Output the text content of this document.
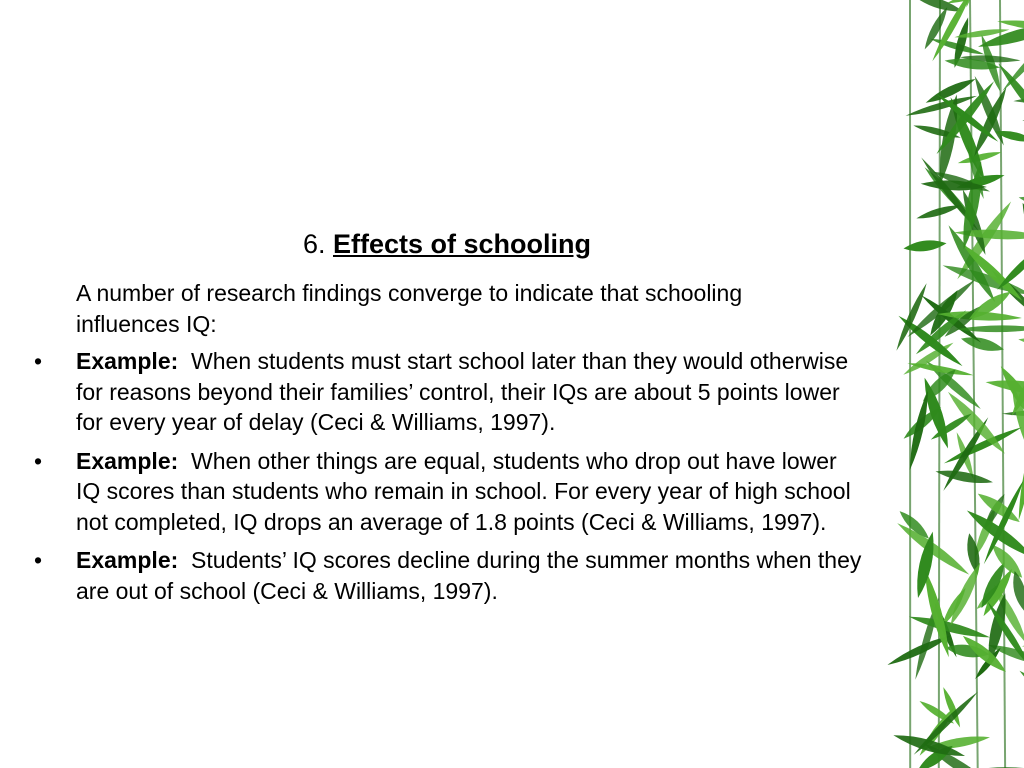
6. Effects of schooling
A number of research findings converge to indicate that schooling influences IQ:
• Example: When students must start school later than they would otherwise for reasons beyond their families’ control, their IQs are about 5 points lower for every year of delay (Ceci & Williams, 1997).
• Example: When other things are equal, students who drop out have lower IQ scores than students who remain in school. For every year of high school not completed, IQ drops an average of 1.8 points (Ceci & Williams, 1997).
• Example: Students’ IQ scores decline during the summer months when they are out of school (Ceci & Williams, 1997).
